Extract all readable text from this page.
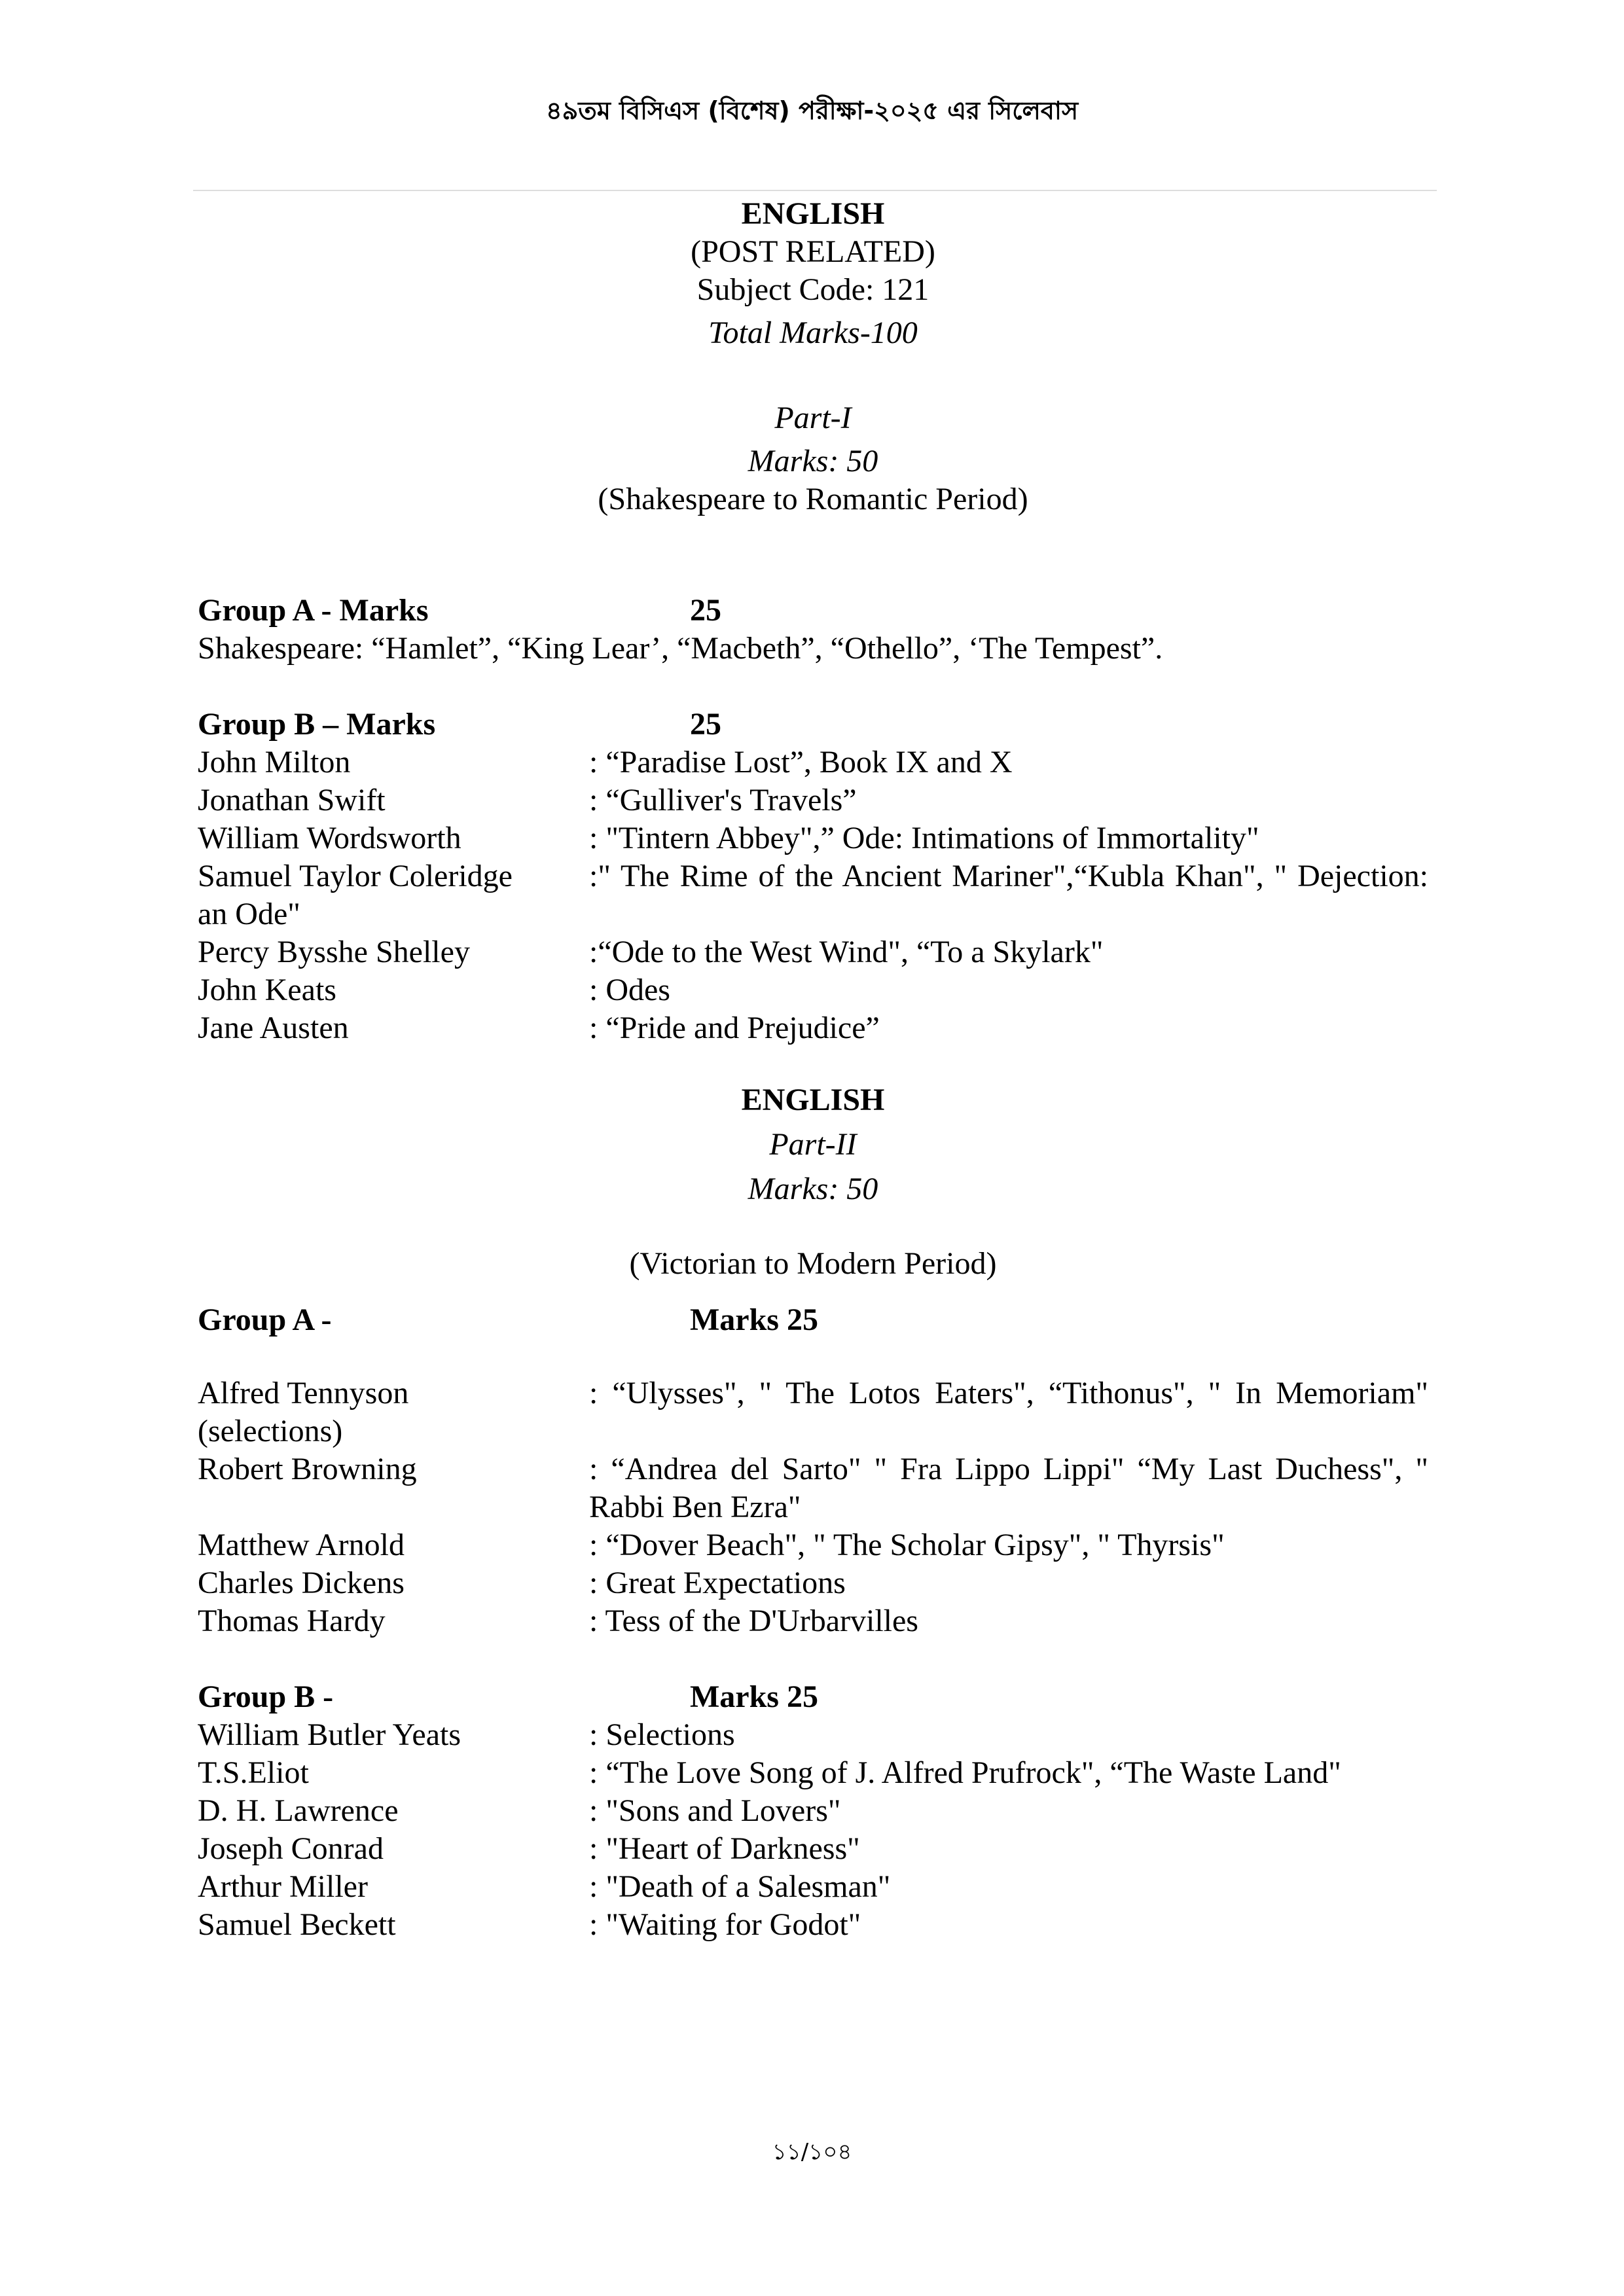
৪৯তম বিসিএস (বিশেষ) পরীক্ষা-২০২৫ এর সিলেবাস
ENGLISH
(POST RELATED)
Subject Code: 121
Total Marks-100
Part-I
Marks: 50
(Shakespeare to Romantic Period)
Group A - Marks	25
Shakespeare: “Hamlet”, “King Lear’, “Macbeth”, “Othello”, ‘The Tempest”.
Group B – Marks	25
John Milton	: “Paradise Lost”, Book IX and X
Jonathan Swift	: “Gulliver's Travels”
William Wordsworth	: "Tintern Abbey",” Ode: Intimations of Immortality"
Samuel Taylor Coleridge	:" The Rime of the Ancient Mariner",“Kubla Khan", " Dejection:
an Ode"
Percy Bysshe Shelley	:“Ode to the West Wind", “To a Skylark"
John Keats	: Odes
Jane Austen	: “Pride and Prejudice”
ENGLISH
Part-II
Marks: 50
(Victorian to Modern Period)
Group A -	Marks 25
Alfred Tennyson	: “Ulysses", " The Lotos Eaters", “Tithonus", " In Memoriam"
(selections)
Robert Browning	: “Andrea del Sarto" " Fra Lippo Lippi" “My Last Duchess", "
Rabbi Ben Ezra"
Matthew Arnold	: “Dover Beach", " The Scholar Gipsy", " Thyrsis"
Charles Dickens	: Great Expectations
Thomas Hardy	: Tess of the D'Urbarvilles
Group B -	Marks 25
William Butler Yeats	: Selections
T.S.Eliot	: “The Love Song of J. Alfred Prufrock", “The Waste Land"
D. H. Lawrence	: "Sons and Lovers"
Joseph Conrad	: "Heart of Darkness"
Arthur Miller	: "Death of a Salesman"
Samuel Beckett	: "Waiting for Godot"
১১/১০৪
